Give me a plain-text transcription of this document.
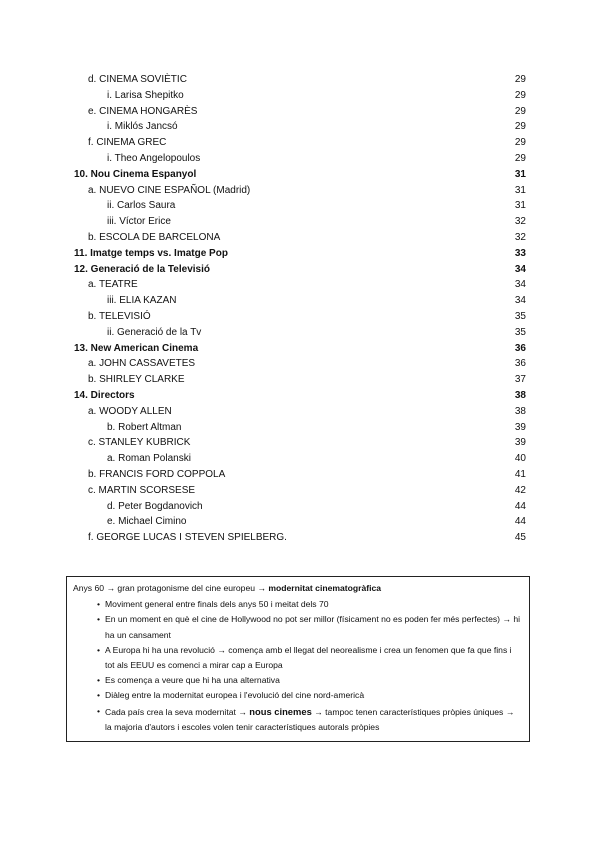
d. CINEMA SOVIÈTIC	29
i. Larisa Shepitko	29
e. CINEMA HONGARÈS	29
i. Miklós Jancsó	29
f. CINEMA GREC	29
i. Theo Angelopoulos	29
10. Nou Cinema Espanyol	31
a. NUEVO CINE ESPAÑOL (Madrid)	31
ii. Carlos Saura	31
iii. Víctor Erice	32
b. ESCOLA DE BARCELONA	32
11. Imatge temps vs. Imatge Pop	33
12. Generació de la Televisió	34
a. TEATRE	34
iii. ELIA KAZAN	34
b. TELEVISIÓ	35
ii. Generació de la Tv	35
13. New American Cinema	36
a. JOHN CASSAVETES	36
b. SHIRLEY CLARKE	37
14. Directors	38
a. WOODY ALLEN	38
b. Robert Altman	39
c. STANLEY KUBRICK	39
a. Roman Polanski	40
b. FRANCIS FORD COPPOLA	41
c. MARTIN SCORSESE	42
d. Peter Bogdanovich	44
e. Michael Cimino	44
f. GEORGE LUCAS I STEVEN SPIELBERG.	45
Anys 60 → gran protagonisme del cine europeu → modernitat cinematogràfica
• Moviment general entre finals dels anys 50 i meitat dels 70
• En un moment en què el cine de Hollywood no pot ser millor (físicament no es poden fer més perfectes) → hi ha un cansament
• A Europa hi ha una revolució → comença amb el llegat del neorealisme i crea un fenomen que fa que fins i tot als EEUU es comenci a mirar cap a Europa
• Es comença a veure que hi ha una alternativa
• Diàleg entre la modernitat europea i l'evolució del cine nord-americà
• Cada país crea la seva modernitat → nous cinemes → tampoc tenen característiques pròpies úniques → la majoria d'autors i escoles volen tenir característiques autorals pròpies
